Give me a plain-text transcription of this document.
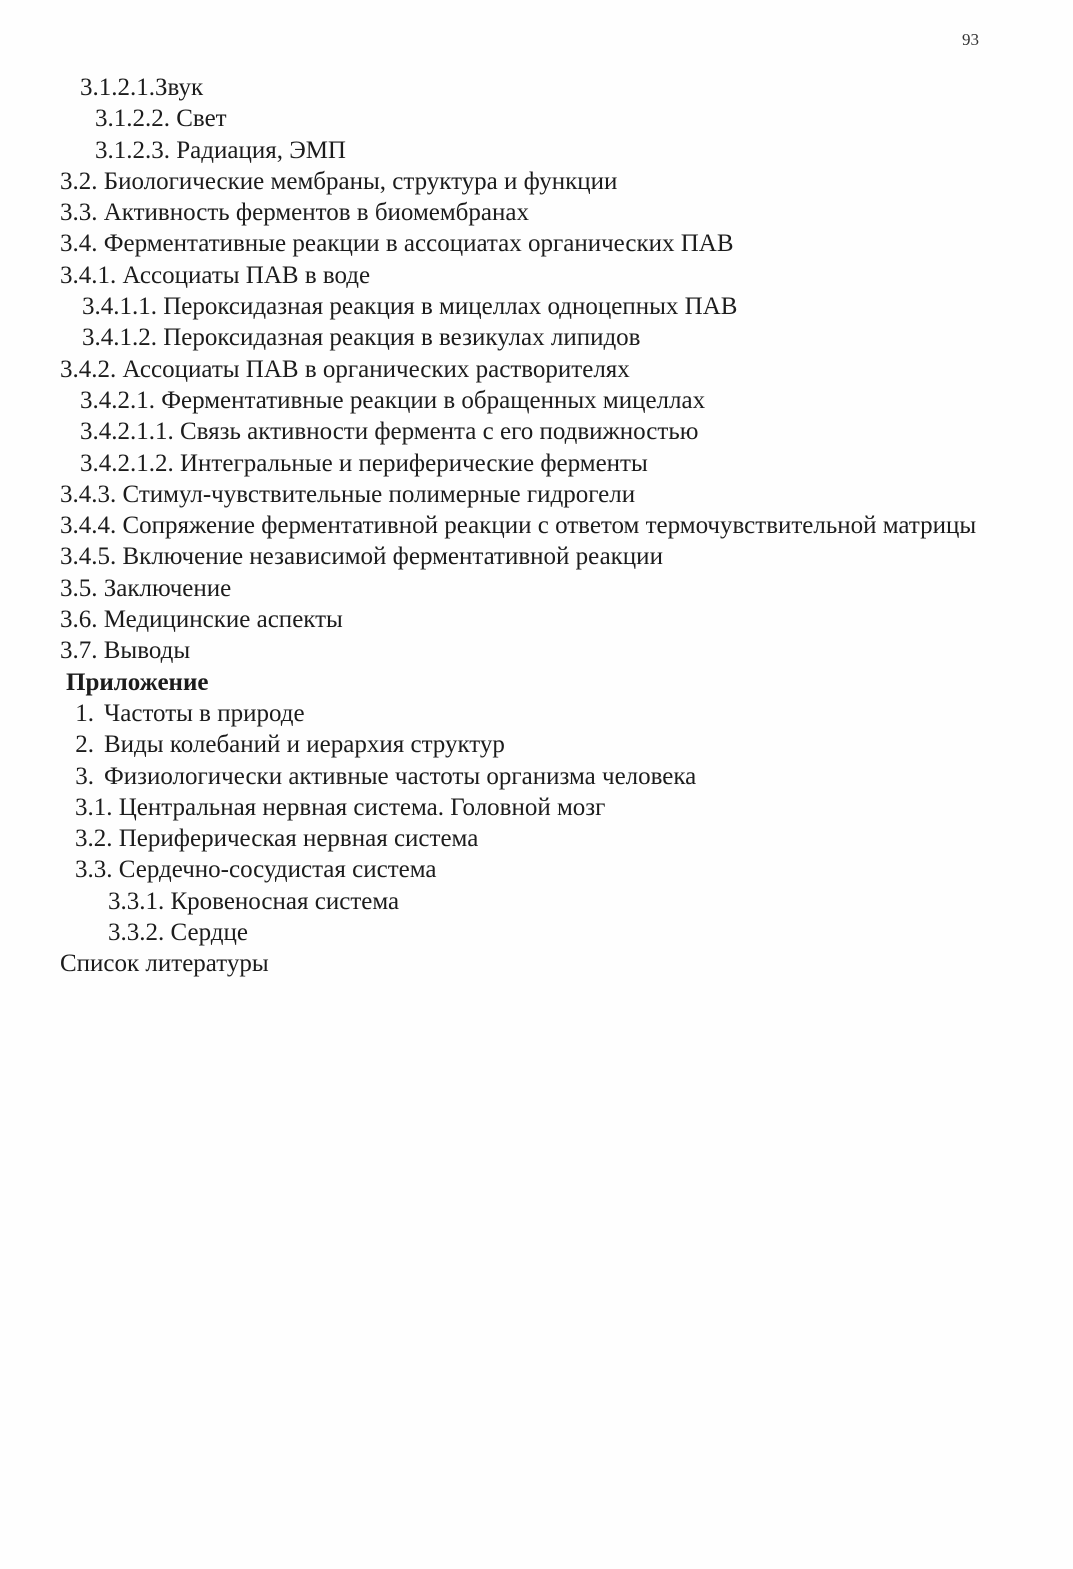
93
3.1.2.1.Звук
3.1.2.2. Свет
3.1.2.3. Радиация, ЭМП
3.2. Биологические мембраны, структура и функции
3.3. Активность ферментов в биомембранах
3.4. Ферментативные реакции в ассоциатах органических ПАВ
3.4.1. Ассоциаты ПАВ в воде
3.4.1.1. Пероксидазная реакция в мицеллах одноцепных ПАВ
3.4.1.2. Пероксидазная реакция в везикулах липидов
3.4.2. Ассоциаты ПАВ в органических растворителях
3.4.2.1. Ферментативные реакции в обращенных мицеллах
3.4.2.1.1. Связь активности фермента с его подвижностью
3.4.2.1.2. Интегральные и периферические ферменты
3.4.3. Стимул-чувствительные полимерные гидрогели
3.4.4. Сопряжение ферментативной реакции с ответом термочувствительной матрицы
3.4.5. Включение независимой ферментативной реакции
3.5. Заключение
3.6. Медицинские аспекты
3.7. Выводы
Приложение
1. Частоты в природе
2. Виды колебаний и иерархия структур
3. Физиологически активные частоты организма человека
3.1. Центральная нервная система. Головной мозг
3.2. Периферическая нервная система
3.3. Сердечно-сосудистая система
3.3.1. Кровеносная система
3.3.2. Сердце
Список литературы
